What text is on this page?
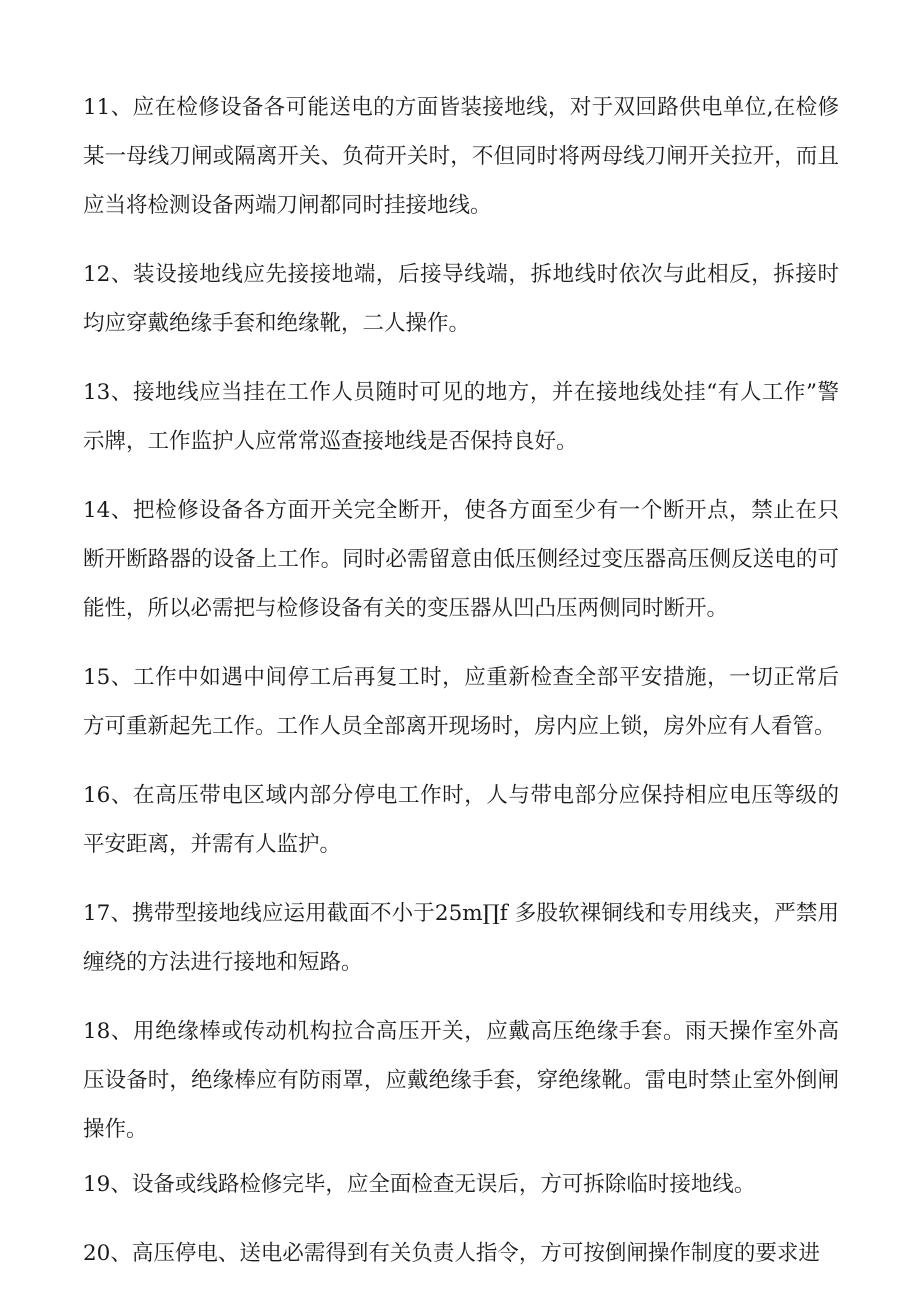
11、应在检修设备各可能送电的方面皆装接地线，对于双回路供电单位,在检修某一母线刀闸或隔离开关、负荷开关时，不但同时将两母线刀闸开关拉开，而且应当将检测设备两端刀闸都同时挂接地线。

12、装设接地线应先接接地端，后接导线端，拆地线时依次与此相反，拆接时均应穿戴绝缘手套和绝缘靴，二人操作。

13、接地线应当挂在工作人员随时可见的地方，并在接地线处挂“有人工作”警示牌，工作监护人应常常巡查接地线是否保持良好。

14、把检修设备各方面开关完全断开，使各方面至少有一个断开点，禁止在只断开断路器的设备上工作。同时必需留意由低压侧经过变压器高压侧反送电的可能性，所以必需把与检修设备有关的变压器从凹凸压两侧同时断开。

15、工作中如遇中间停工后再复工时，应重新检查全部平安措施，一切正常后方可重新起先工作。工作人员全部离开现场时，房内应上锁，房外应有人看管。

16、在高压带电区域内部分停电工作时，人与带电部分应保持相应电压等级的平安距离，并需有人监护。

17、携带型接地线应运用截面不小于25m∏f 多股软裸铜线和专用线夹，严禁用缠绕的方法进行接地和短路。

18、用绝缘棒或传动机构拉合高压开关，应戴高压绝缘手套。雨天操作室外高压设备时，绝缘棒应有防雨罩，应戴绝缘手套，穿绝缘靴。雷电时禁止室外倒闸操作。

19、设备或线路检修完毕，应全面检查无误后，方可拆除临时接地线。

20、高压停电、送电必需得到有关负责人指令，方可按倒闸操作制度的要求进
